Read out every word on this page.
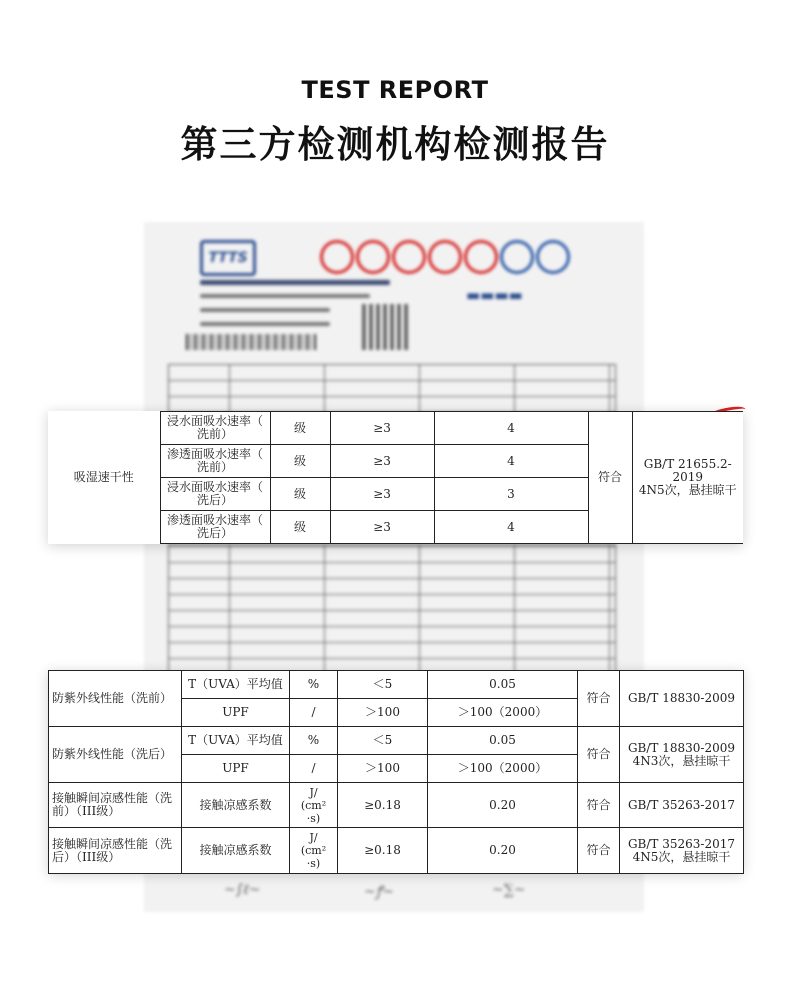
TEST REPORT
第三方检测机构检测报告
TTTS
▬▬▬▬
~∫ℓ~	~ꝭ~	~∑~
吸湿速干性	浸水面吸水速率（
洗前）	级	≥3	4	符合	GB/T 21655.2-2019
4N5次，悬挂晾干
	渗透面吸水速率（
洗前）	级	≥3	4		
	浸水面吸水速率（
洗后）	级	≥3	3		
	渗透面吸水速率（
洗后）	级	≥3	4		
防紫外线性能（洗前）	T（UVA）平均值	%	＜5	0.05	符合	GB/T 18830-2009
	UPF	/	＞100	＞100（2000）		
防紫外线性能（洗后）	T（UVA）平均值	%	＜5	0.05	符合	GB/T 18830-2009
4N3次，悬挂晾干
	UPF	/	＞100	＞100（2000）		
接触瞬间凉感性能（洗
前）（III级）	接触凉感系数	J/
(cm²
·s)	≥0.18	0.20	符合	GB/T 35263-2017
接触瞬间凉感性能（洗
后）（III级）	接触凉感系数	J/
(cm²
·s)	≥0.18	0.20	符合	GB/T 35263-2017
4N5次，悬挂晾干
